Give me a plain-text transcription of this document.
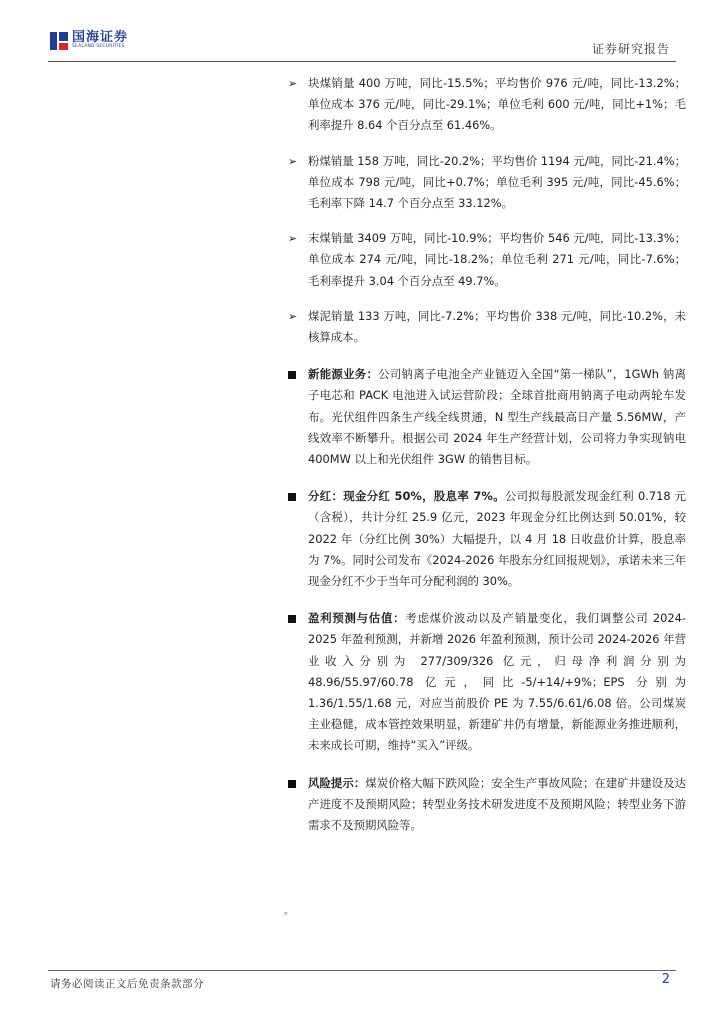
国海证券
SEALAND SECURITIES	证券研究报告
➢ 块煤销量 400 万吨，同比-15.5%；平均售价 976 元/吨，同比-13.2%；单位成本 376 元/吨，同比-29.1%；单位毛利 600 元/吨，同比+1%；毛利率提升 8.64 个百分点至 61.46%。
➢ 粉煤销量 158 万吨，同比-20.2%；平均售价 1194 元/吨，同比-21.4%；单位成本 798 元/吨，同比+0.7%；单位毛利 395 元/吨，同比-45.6%；毛利率下降 14.7 个百分点至 33.12%。
➢ 末煤销量 3409 万吨，同比-10.9%；平均售价 546 元/吨，同比-13.3%；单位成本 274 元/吨，同比-18.2%；单位毛利 271 元/吨，同比-7.6%；毛利率提升 3.04 个百分点至 49.7%。
➢ 煤泥销量 133 万吨，同比-7.2%；平均售价 338 元/吨，同比-10.2%，未核算成本。
新能源业务：公司钠离子电池全产业链迈入全国“第一梯队”，1GWh 钠离子电芯和 PACK 电池进入试运营阶段；全球首批商用钠离子电动两轮车发布。光伏组件四条生产线全线贯通，N 型生产线最高日产量 5.56MW，产线效率不断攀升。根据公司 2024 年生产经营计划，公司将力争实现钠电 400MW 以上和光伏组件 3GW 的销售目标。
分红：现金分红 50%，股息率 7%。公司拟每股派发现金红利 0.718 元（含税），共计分红 25.9 亿元，2023 年现金分红比例达到 50.01%，较 2022 年（分红比例 30%）大幅提升，以 4 月 18 日收盘价计算，股息率为 7%。同时公司发布《2024-2026 年股东分红回报规划》，承诺未来三年现金分红不少于当年可分配利润的 30%。
盈利预测与估值：考虑煤价波动以及产销量变化，我们调整公司 2024-2025 年盈利预测，并新增 2026 年盈利预测，预计公司 2024-2026 年营业收入分别为 277/309/326 亿元，归母净利润分别为 48.96/55.97/60.78 亿元，同比-5/+14/+9%；EPS 分别为 1.36/1.55/1.68 元，对应当前股价 PE 为 7.55/6.61/6.08 倍。公司煤炭主业稳健，成本管控效果明显，新建矿井仍有增量，新能源业务推进顺利，未来成长可期，维持“买入”评级。
风险提示：煤炭价格大幅下跌风险；安全生产事故风险；在建矿井建设及达产进度不及预期风险；转型业务技术研发进度不及预期风险；转型业务下游需求不及预期风险等。
。
请务必阅读正文后免责条款部分	2
